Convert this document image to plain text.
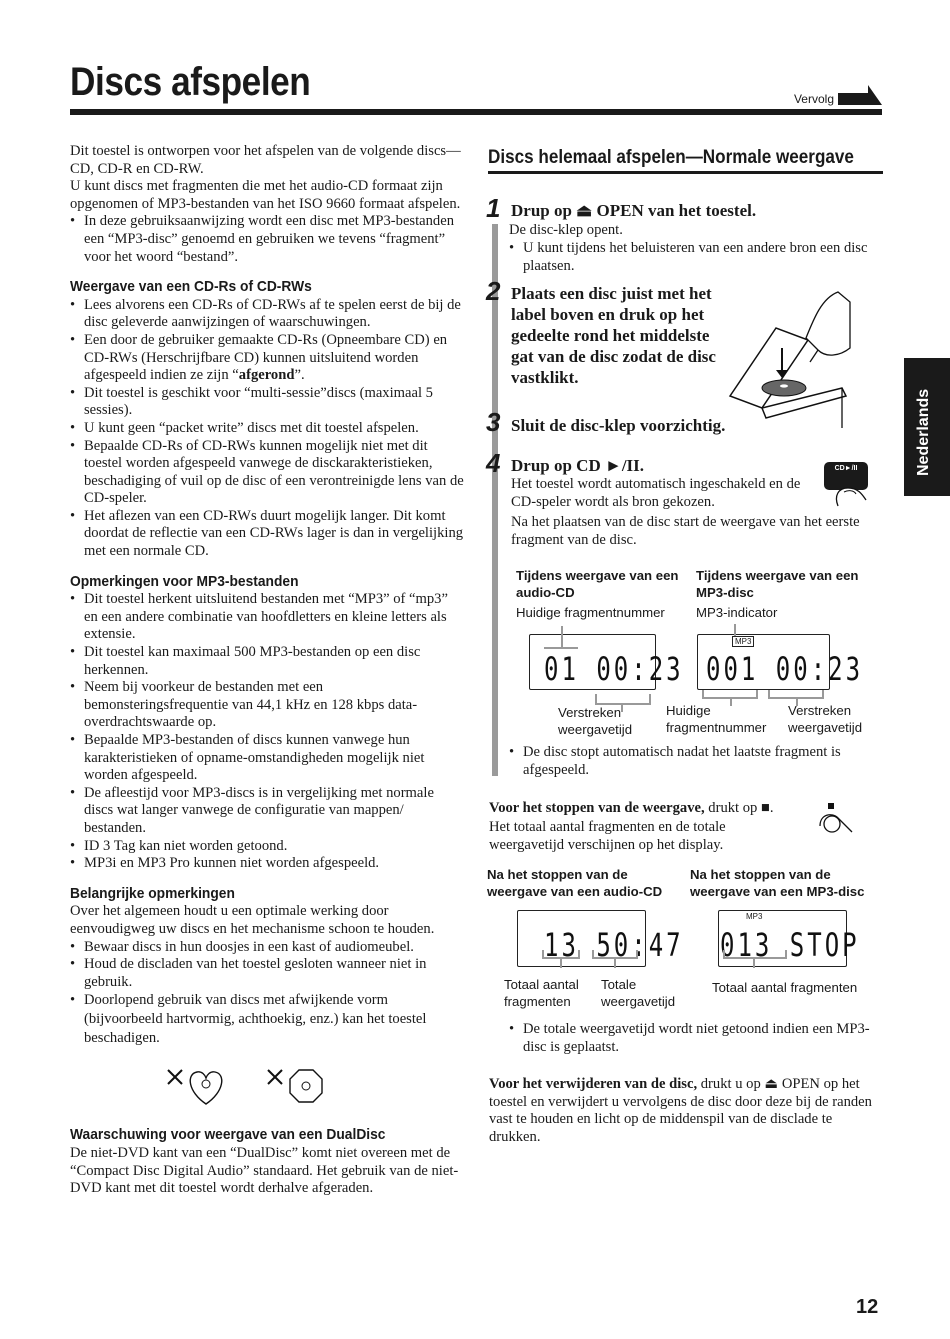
Discs afspelen	Vervolg

Dit toestel is ontworpen voor het afspelen van de volgende discs—CD, CD-R en CD-RW.

U kunt discs met fragmenten die met het audio-CD formaat zijn opgenomen of MP3-bestanden van het ISO 9660 formaat afspelen.

• In deze gebruiksaanwijzing wordt een disc met MP3-bestanden een “MP3-disc” genoemd en gebruiken we tevens “fragment” voor het woord “bestand”.

Weergave van een CD-Rs of CD-RWs

• Lees alvorens een CD-Rs of CD-RWs af te spelen eerst de bij de disc geleverde aanwijzingen of waarschuwingen.

• Een door de gebruiker gemaakte CD-Rs (Opneembare CD) en CD-RWs (Herschrijfbare CD) kunnen uitsluitend worden afgespeeld indien ze zijn “afgerond”.

• Dit toestel is geschikt voor “multi-sessie”discs (maximaal 5 sessies).

• U kunt geen “packet write” discs met dit toestel afspelen.

• Bepaalde CD-Rs of CD-RWs kunnen mogelijk niet met dit toestel worden afgespeeld vanwege de disckarakteristieken, beschadiging of vuil op de disc of een verontreinigde lens van de CD-speler.

• Het aflezen van een CD-RWs duurt mogelijk langer. Dit komt doordat de reflectie van een CD-RWs lager is dan in vergelijking met een normale CD.

Opmerkingen voor MP3-bestanden

• Dit toestel herkent uitsluitend bestanden met “MP3” of “mp3” en een andere combinatie van hoofdletters en kleine letters als extensie.

• Dit toestel kan maximaal 500 MP3-bestanden op een disc herkennen.

• Neem bij voorkeur de bestanden met een bemonsteringsfrequentie van 44,1 kHz en 128 kbps data-overdrachtswaarde op.

• Bepaalde MP3-bestanden of discs kunnen vanwege hun karakteristieken of opname-omstandigheden mogelijk niet worden afgespeeld.

• De afleestijd voor MP3-discs is in vergelijking met normale discs wat langer vanwege de configuratie van mappen/ bestanden.

• ID 3 Tag kan niet worden getoond.

• MP3i en MP3 Pro kunnen niet worden afgespeeld.

Belangrijke opmerkingen

Over het algemeen houdt u een optimale werking door eenvoudigweg uw discs en het mechanisme schoon te houden.

• Bewaar discs in hun doosjes in een kast of audiomeubel.

• Houd de discladen van het toestel gesloten wanneer niet in gebruik.

• Doorlopend gebruik van discs met afwijkende vorm (bijvoorbeeld hartvormig, achthoekig, enz.) kan het toestel beschadigen.

Waarschuwing voor weergave van een DualDisc

De niet-DVD kant van een “DualDisc” komt niet overeen met de “Compact Disc Digital Audio” standaard. Het gebruik van de niet-DVD kant met dit toestel wordt derhalve afgeraden.

Discs helemaal afspelen—Normale weergave
1 Drup op ⏏ OPEN van het toestel.
De disc-klep opent.
• U kunt tijdens het beluisteren van een andere bron een disc plaatsen.
2 Plaats een disc juist met het label boven en druk op het gedeelte rond het middelste gat van de disc zodat de disc vastklikt.
3 Sluit de disc-klep voorzichtig.
4 Drup op CD ►/ІІ.
Het toestel wordt automatisch ingeschakeld en de CD-speler wordt als bron gekozen.
Na het plaatsen van de disc start de weergave van het eerste fragment van de disc.
CD►/ІІ
Tijdens weergave van een audio-CD
Huidige fragmentnummer
Tijdens weergave van een MP3-disc
MP3-indicator
01 00:23
Verstreken weergavetijd
MP3
001 00:23
Huidige fragmentnummer
Verstreken weergavetijd
• De disc stopt automatisch nadat het laatste fragment is afgespeeld.
Voor het stoppen van de weergave, drukt op ■.
Het totaal aantal fragmenten en de totale weergavetijd verschijnen op het display.
Na het stoppen van de weergave van een audio-CD
Na het stoppen van de weergave van een MP3-disc
13 50:47
Totaal aantal fragmenten
Totale weergavetijd
MP3
013 STOP
Totaal aantal fragmenten
• De totale weergavetijd wordt niet getoond indien een MP3-disc is geplaatst.
Voor het verwijderen van de disc, drukt u op ⏏ OPEN op het toestel en verwijdert u vervolgens de disc door deze bij de randen vast te houden en licht op de middenspil van de disclade te drukken.
Nederlands
12
